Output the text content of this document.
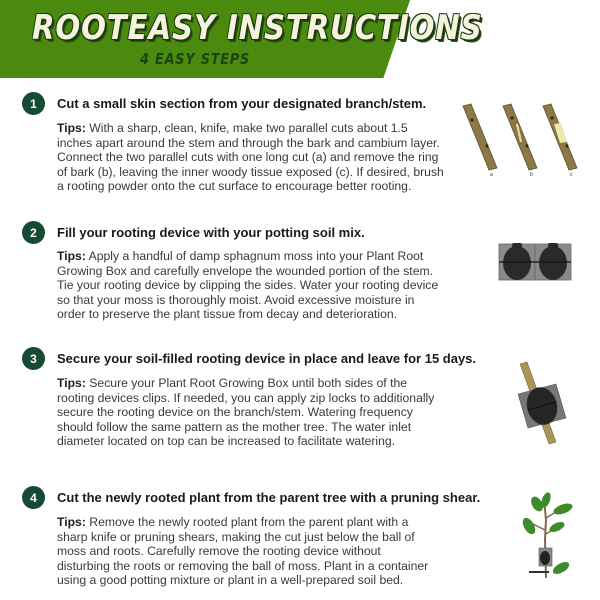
ROOTEASY INSTRUCTIONS
4 EASY STEPS
1	Cut a small skin section from your designated branch/stem.
Tips: With a sharp, clean, knife, make two parallel cuts about 1.5
inches apart around the stem and through the bark and cambium layer.
Connect the two parallel cuts with one long cut (a) and remove the ring
of bark (b), leaving the inner woody tissue exposed (c). If desired, brush
a rooting powder onto the cut surface to encourage better rooting.
a	b	c
2	Fill your rooting device with your potting soil mix.
Tips: Apply a handful of damp sphagnum moss into your Plant Root
Growing Box and carefully envelope the wounded portion of the stem.
Tie your rooting device by clipping the sides. Water your rooting device
so that your moss is thoroughly moist. Avoid excessive moisture in
order to preserve the plant tissue from decay and deterioration.
3	Secure your soil-filled rooting device in place and leave for 15 days.
Tips: Secure your Plant Root Growing Box until both sides of the
rooting devices clips. If needed, you can apply zip locks to additionally
secure the rooting device on the branch/stem. Watering frequency
should follow the same pattern as the mother tree. The water inlet
diameter located on top can be increased to facilitate watering.
4	Cut the newly rooted plant from the parent tree with a pruning shear.
Tips: Remove the newly rooted plant from the parent plant with a
sharp knife or pruning shears, making the cut just below the ball of
moss and roots. Carefully remove the rooting device without
disturbing the roots or removing the ball of moss. Plant in a container
using a good potting mixture or plant in a well-prepared soil bed.
